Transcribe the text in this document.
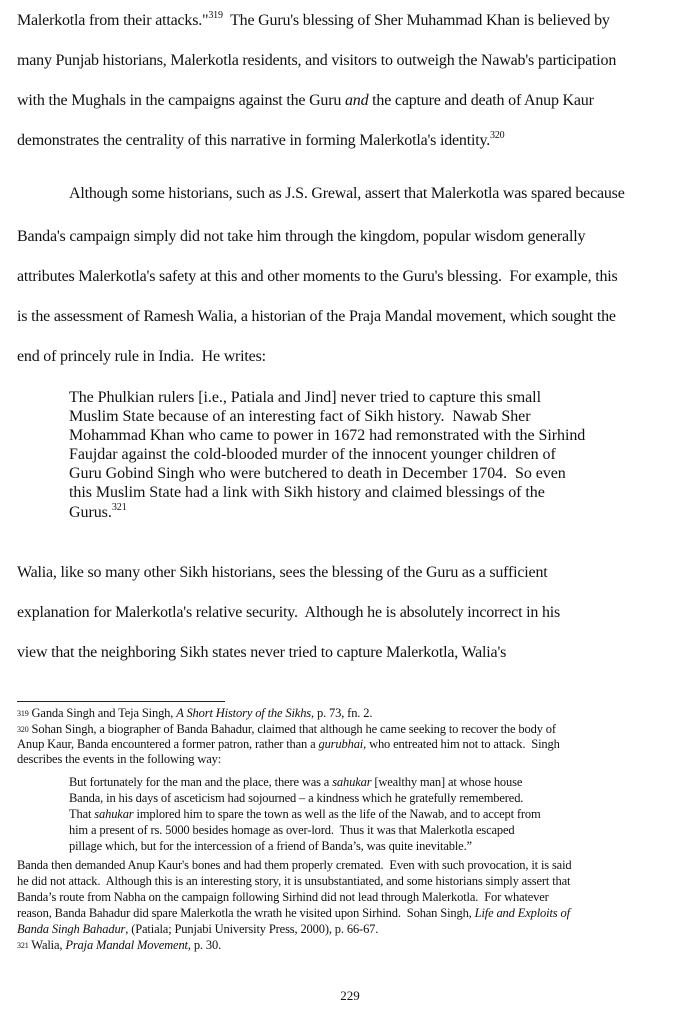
Malerkotla from their attacks."$^{319}$  The Guru's blessing of Sher Muhammad Khan is believed by
many Punjab historians, Malerkotla residents, and visitors to outweigh the Nawab's participation
with the Mughals in the campaigns against the Guru and the capture and death of Anup Kaur
demonstrates the centrality of this narrative in forming Malerkotla's identity.$^{320}$
Although some historians, such as J.S. Grewal, assert that Malerkotla was spared because
Banda's campaign simply did not take him through the kingdom, popular wisdom generally
attributes Malerkotla's safety at this and other moments to the Guru's blessing.  For example, this
is the assessment of Ramesh Walia, a historian of the Praja Mandal movement, which sought the
end of princely rule in India.  He writes:
The Phulkian rulers [i.e., Patiala and Jind] never tried to capture this small
Muslim State because of an interesting fact of Sikh history.  Nawab Sher
Mohammad Khan who came to power in 1672 had remonstrated with the Sirhind
Faujdar against the cold-blooded murder of the innocent younger children of
Guru Gobind Singh who were butchered to death in December 1704.  So even
this Muslim State had a link with Sikh history and claimed blessings of the
Gurus.$^{321}$
Walia, like so many other Sikh historians, sees the blessing of the Guru as a sufficient
explanation for Malerkotla's relative security.  Although he is absolutely incorrect in his
view that the neighboring Sikh states never tried to capture Malerkotla, Walia's
$^{319}$ Ganda Singh and Teja Singh, A Short History of the Sikhs, p. 73, fn. 2.
$^{320}$ Sohan Singh, a biographer of Banda Bahadur, claimed that although he came seeking to recover the body of
Anup Kaur, Banda encountered a former patron, rather than a gurubhai, who entreated him not to attack.  Singh
describes the events in the following way:
But fortunately for the man and the place, there was a sahukar [wealthy man] at whose house
Banda, in his days of asceticism had sojourned – a kindness which he gratefully remembered.
That sahukar implored him to spare the town as well as the life of the Nawab, and to accept from
him a present of rs. 5000 besides homage as over-lord.  Thus it was that Malerkotla escaped
pillage which, but for the intercession of a friend of Banda’s, was quite inevitable.”
Banda then demanded Anup Kaur's bones and had them properly cremated.  Even with such provocation, it is said
he did not attack.  Although this is an interesting story, it is unsubstantiated, and some historians simply assert that
Banda’s route from Nabha on the campaign following Sirhind did not lead through Malerkotla.  For whatever
reason, Banda Bahadur did spare Malerkotla the wrath he visited upon Sirhind.  Sohan Singh, Life and Exploits of
Banda Singh Bahadur, (Patiala; Punjabi University Press, 2000), p. 66-67.
$^{321}$ Walia, Praja Mandal Movement, p. 30.
229
